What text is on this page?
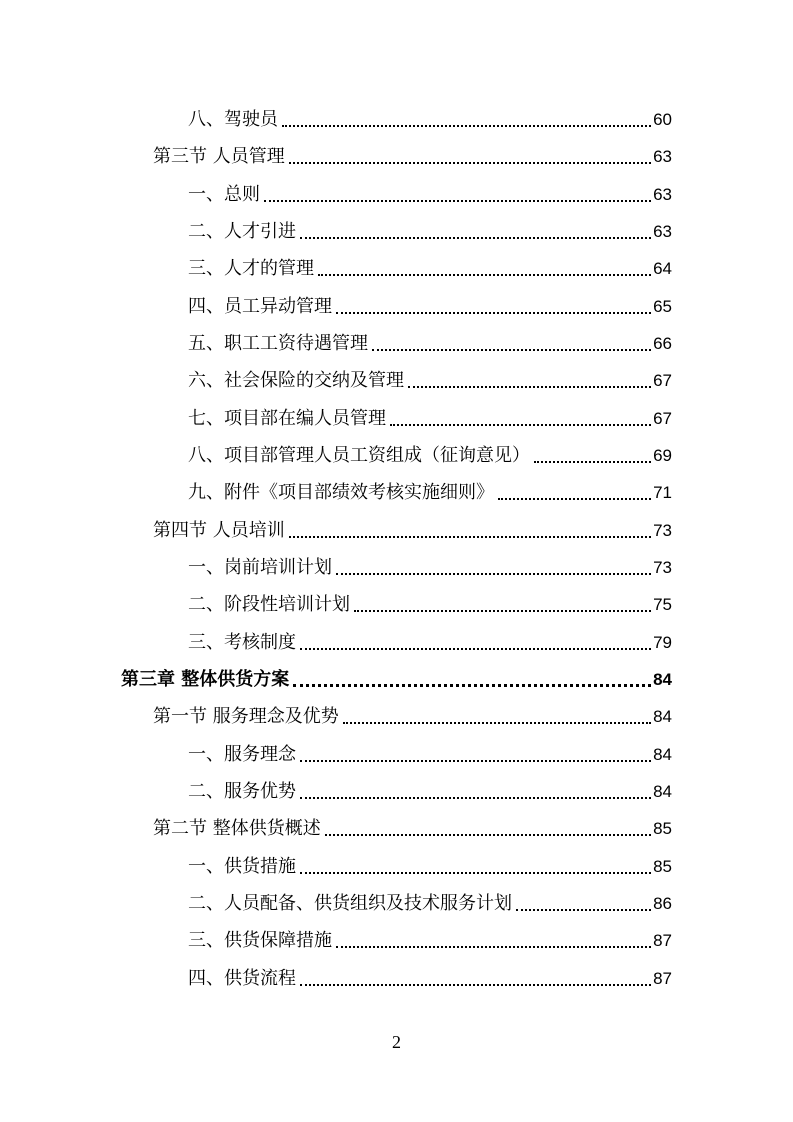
八、驾驶员	60
第三节 人员管理	63
一、总则	63
二、人才引进	63
三、人才的管理	64
四、员工异动管理	65
五、职工工资待遇管理	66
六、社会保险的交纳及管理	67
七、项目部在编人员管理	67
八、项目部管理人员工资组成（征询意见）	69
九、附件《项目部绩效考核实施细则》	71
第四节 人员培训	73
一、岗前培训计划	73
二、阶段性培训计划	75
三、考核制度	79
第三章 整体供货方案	84
第一节 服务理念及优势	84
一、服务理念	84
二、服务优势	84
第二节 整体供货概述	85
一、供货措施	85
二、人员配备、供货组织及技术服务计划	86
三、供货保障措施	87
四、供货流程	87
2
